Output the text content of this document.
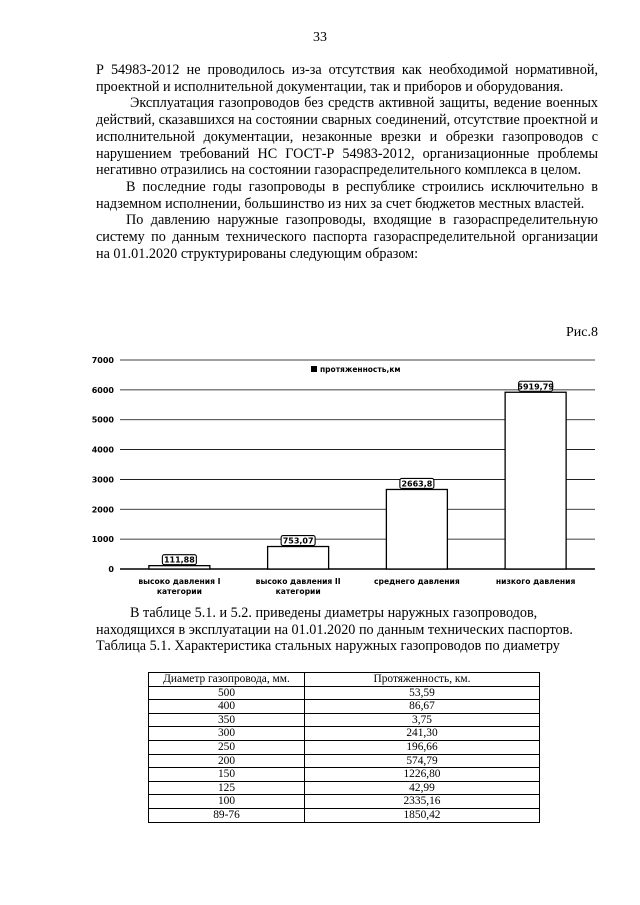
33

Р 54983-2012 не проводилось из-за отсутствия как необходимой нормативной, проектной и исполнительной документации, так и приборов и оборудования.

Эксплуатация газопроводов без средств активной защиты, ведение военных действий, сказавшихся на состоянии сварных соединений, отсутствие проектной и исполнительной документации, незаконные врезки и обрезки газопроводов с нарушением требований НС ГОСТ-Р 54983-2012, организационные проблемы негативно отразились на состоянии газораспределительного комплекса в целом.

В последние годы газопроводы в республике строились исключительно в надземном исполнении, большинство из них за счет бюджетов местных властей.

По давлению наружные газопроводы, входящие в газораспределительную систему по данным технического паспорта газораспределительной организации на 01.01.2020 структурированы следующим образом:

Рис.8
0
1000
2000
3000
4000
5000
6000
7000
протяженность,км
111,88
высоко давления I
категории
753,07
высоко давления II
категории
2663,8
среднего давления
5919,79
низкого давления

В таблице 5.1. и 5.2. приведены диаметры наружных газопроводов, находящихся в эксплуатации на 01.01.2020 по данным технических паспортов.

Таблица 5.1. Характеристика стальных наружных газопроводов по диаметру

Диаметр газопровода, мм.	Протяженность, км.
500	53,59
400	86,67
350	3,75
300	241,30
250	196,66
200	574,79
150	1226,80
125	42,99
100	2335,16
89-76	1850,42
